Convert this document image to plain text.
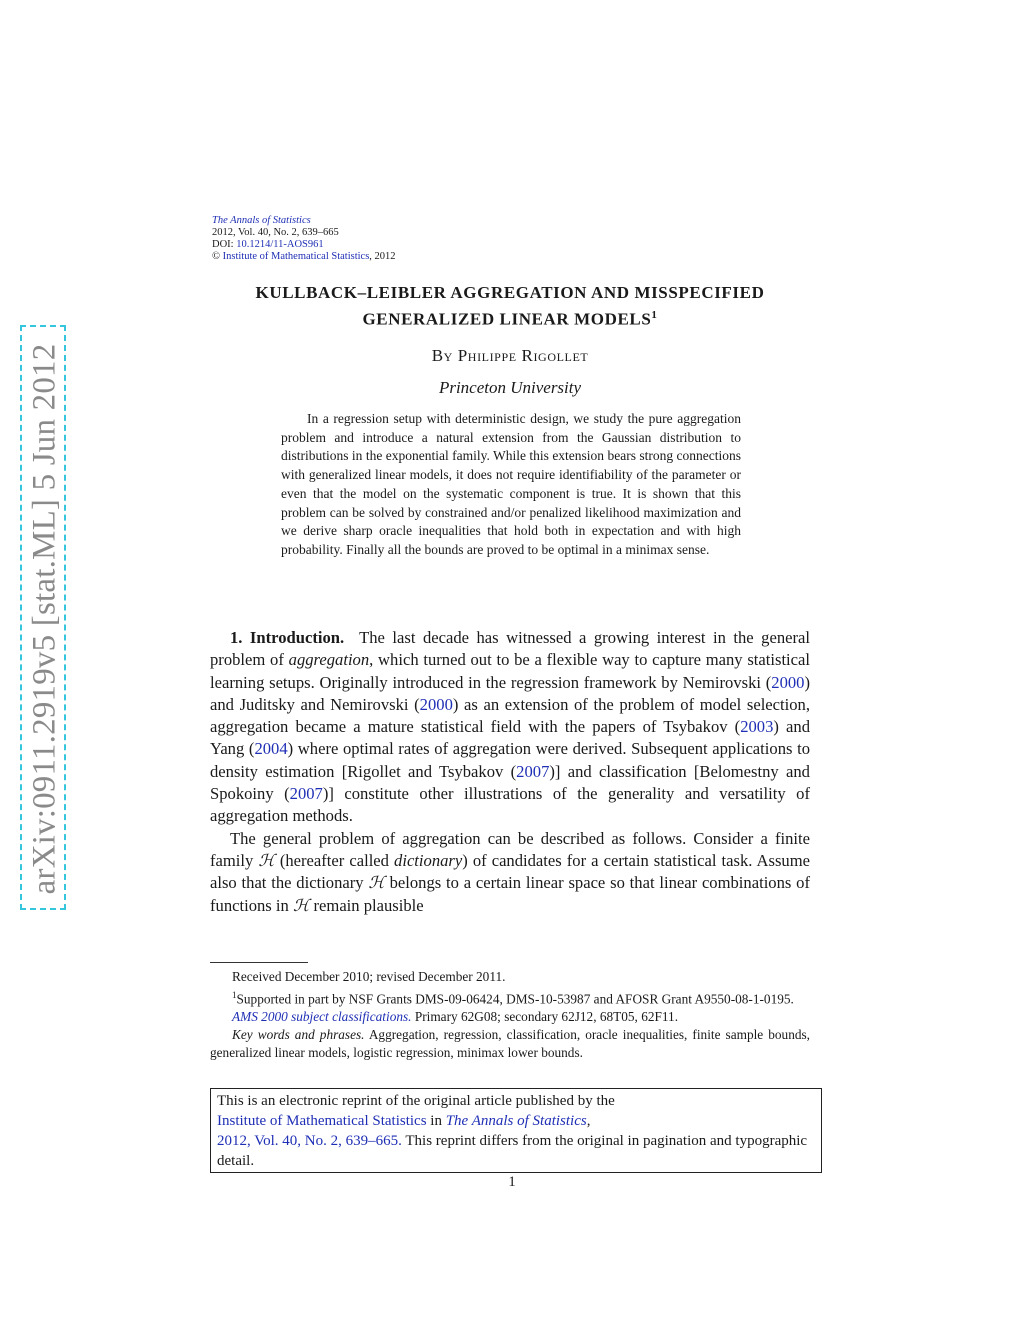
arXiv:0911.2919v5 [stat.ML] 5 Jun 2012
The Annals of Statistics
2012, Vol. 40, No. 2, 639–665
DOI: 10.1214/11-AOS961
© Institute of Mathematical Statistics, 2012
KULLBACK–LEIBLER AGGREGATION AND MISSPECIFIED
GENERALIZED LINEAR MODELS$^1$
By Philippe Rigollet
Princeton University
In a regression setup with deterministic design, we study the pure aggregation problem and introduce a natural extension from the Gaussian distribution to distributions in the exponential family. While this extension bears strong connections with generalized linear models, it does not require identifiability of the parameter or even that the model on the systematic component is true. It is shown that this problem can be solved by constrained and/or penalized likelihood maximization and we derive sharp oracle inequalities that hold both in expectation and with high probability. Finally all the bounds are proved to be optimal in a minimax sense.

1. Introduction. The last decade has witnessed a growing interest in the general problem of aggregation, which turned out to be a flexible way to capture many statistical learning setups. Originally introduced in the regression framework by Nemirovski (2000) and Juditsky and Nemirovski (2000) as an extension of the problem of model selection, aggregation became a mature statistical field with the papers of Tsybakov (2003) and Yang (2004) where optimal rates of aggregation were derived. Subsequent applications to density estimation [Rigollet and Tsybakov (2007)] and classification [Belomestny and Spokoiny (2007)] constitute other illustrations of the generality and versatility of aggregation methods.

The general problem of aggregation can be described as follows. Consider a finite family ℋ (hereafter called dictionary) of candidates for a certain statistical task. Assume also that the dictionary ℋ belongs to a certain linear space so that linear combinations of functions in ℋ remain plausible

Received December 2010; revised December 2011.

$^1$Supported in part by NSF Grants DMS-09-06424, DMS-10-53987 and AFOSR Grant A9550-08-1-0195.

AMS 2000 subject classifications. Primary 62G08; secondary 62J12, 68T05, 62F11.

Key words and phrases. Aggregation, regression, classification, oracle inequalities, finite sample bounds, generalized linear models, logistic regression, minimax lower bounds.

This is an electronic reprint of the original article published by the
Institute of Mathematical Statistics in The Annals of Statistics,
2012, Vol. 40, No. 2, 639–665. This reprint differs from the original in pagination and typographic detail.
1
